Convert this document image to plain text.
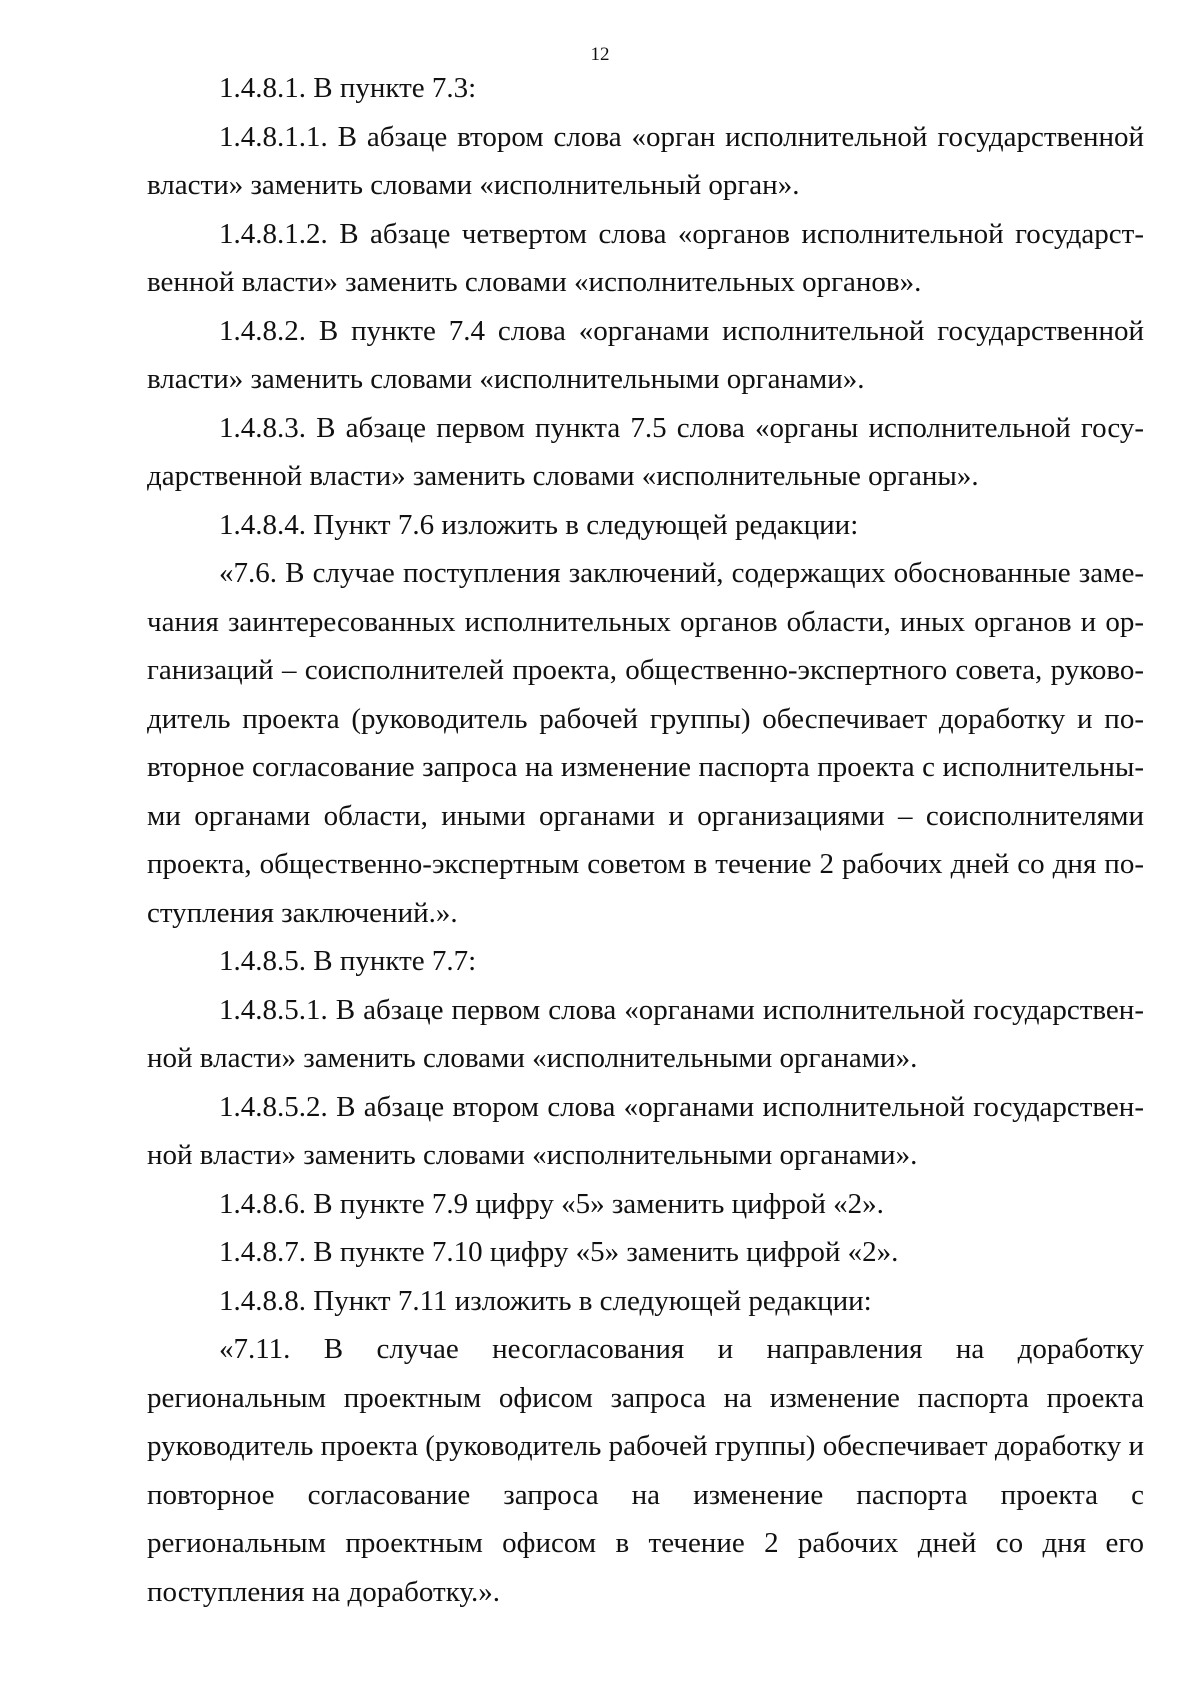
12

1.4.8.1. В пункте 7.3:

1.4.8.1.1. В абзаце втором слова «орган исполнительной государственной власти» заменить словами «исполнительный орган».

1.4.8.1.2. В абзаце четвертом слова «органов исполнительной государственной власти» заменить словами «исполнительных органов».

1.4.8.2. В пункте 7.4 слова «органами исполнительной государственной власти» заменить словами «исполнительными органами».

1.4.8.3. В абзаце первом пункта 7.5 слова «органы исполнительной государственной власти» заменить словами «исполнительные органы».

1.4.8.4. Пункт 7.6 изложить в следующей редакции:

«7.6. В случае поступления заключений, содержащих обоснованные замечания заинтересованных исполнительных органов области, иных органов и организаций – соисполнителей проекта, общественно-экспертного совета, руководитель проекта (руководитель рабочей группы) обеспечивает доработку и повторное согласование запроса на изменение паспорта проекта с исполнительными органами области, иными органами и организациями – соисполнителями проекта, общественно-экспертным советом в течение 2 рабочих дней со дня поступления заключений.».

1.4.8.5. В пункте 7.7:

1.4.8.5.1. В абзаце первом слова «органами исполнительной государственной власти» заменить словами «исполнительными органами».

1.4.8.5.2. В абзаце втором слова «органами исполнительной государственной власти» заменить словами «исполнительными органами».

1.4.8.6. В пункте 7.9 цифру «5» заменить цифрой «2».

1.4.8.7. В пункте 7.10 цифру «5» заменить цифрой «2».

1.4.8.8. Пункт 7.11 изложить в следующей редакции:

«7.11. В случае несогласования и направления на доработку региональным проектным офисом запроса на изменение паспорта проекта руководитель проекта (руководитель рабочей группы) обеспечивает доработку и повторное согласование запроса на изменение паспорта проекта с региональным проектным офисом в течение 2 рабочих дней со дня его поступления на доработку.».
